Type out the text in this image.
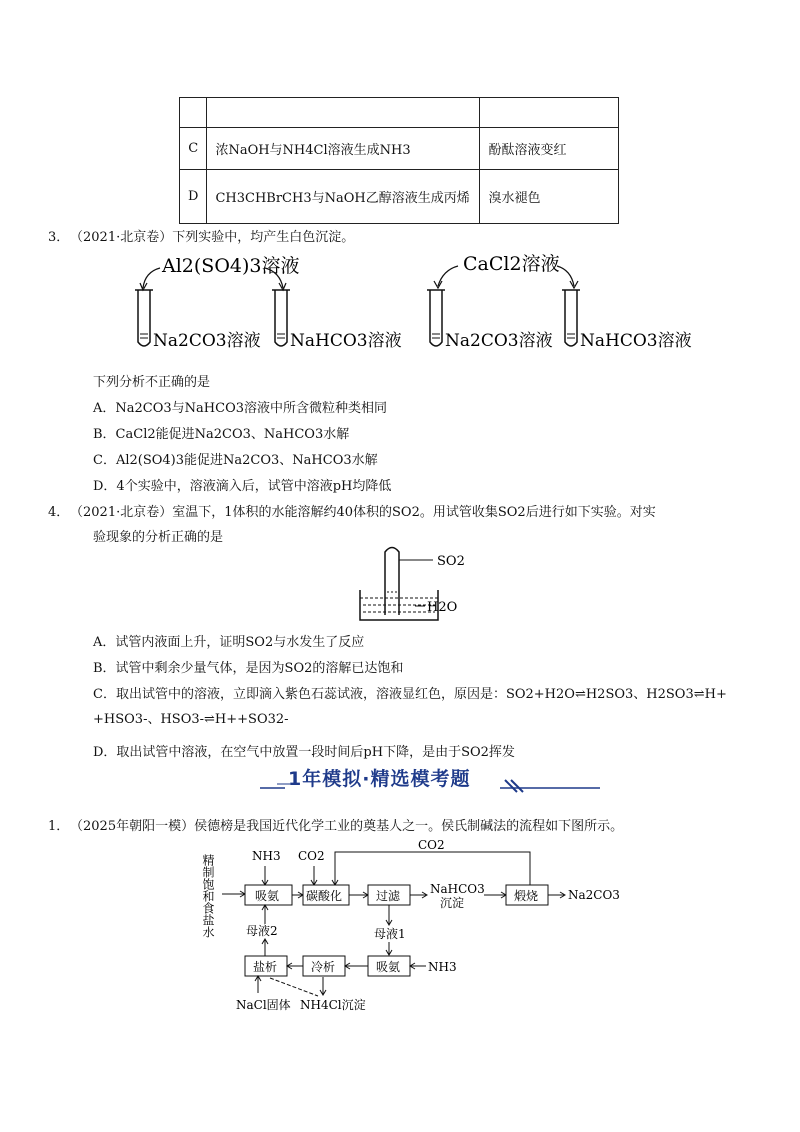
C	浓NaOH与NH4Cl溶液生成NH3	酚酞溶液变红
D	CH3CHBrCH3与NaOH乙醇溶液生成丙烯	溴水褪色
3． （2021·北京卷）下列实验中，均产生白色沉淀。
Al2(SO4)3溶液	CaCl2溶液
Na2CO3溶液 NaHCO3溶液	Na2CO3溶液 NaHCO3溶液
下列分析不正确的是
A．Na2CO3与NaHCO3溶液中所含微粒种类相同
B．CaCl2能促进Na2CO3、NaHCO3水解
C．Al2(SO4)3能促进Na2CO3、NaHCO3水解
D．4个实验中，溶液滴入后，试管中溶液pH均降低
4． （2021·北京卷）室温下，1体积的水能溶解约40体积的SO2。用试管收集SO2后进行如下实验。对实
验现象的分析正确的是
SO2
H2O
A．试管内液面上升，证明SO2与水发生了反应
B．试管中剩余少量气体，是因为SO2的溶解已达饱和
C．取出试管中的溶液，立即滴入紫色石蕊试液，溶液显红色，原因是：SO2+H2O⇌H2SO3、H2SO3⇌H+
+HSO3-、HSO3-⇌H++SO32-
D．取出试管中溶液，在空气中放置一段时间后pH下降，是由于SO2挥发
1年模拟·精选模考题
1． （2025年朝阳一模）侯德榜是我国近代化学工业的奠基人之一。侯氏制碱法的流程如下图所示。
精制饱和食盐水	NH3 CO2
CO2
吸氨 碳酸化	过滤 NaHCO3
沉淀	煅烧 Na2CO3
母液1
母液2
盐析	冷析	吸氨 NH3
NaCl固体 NH4Cl沉淀
